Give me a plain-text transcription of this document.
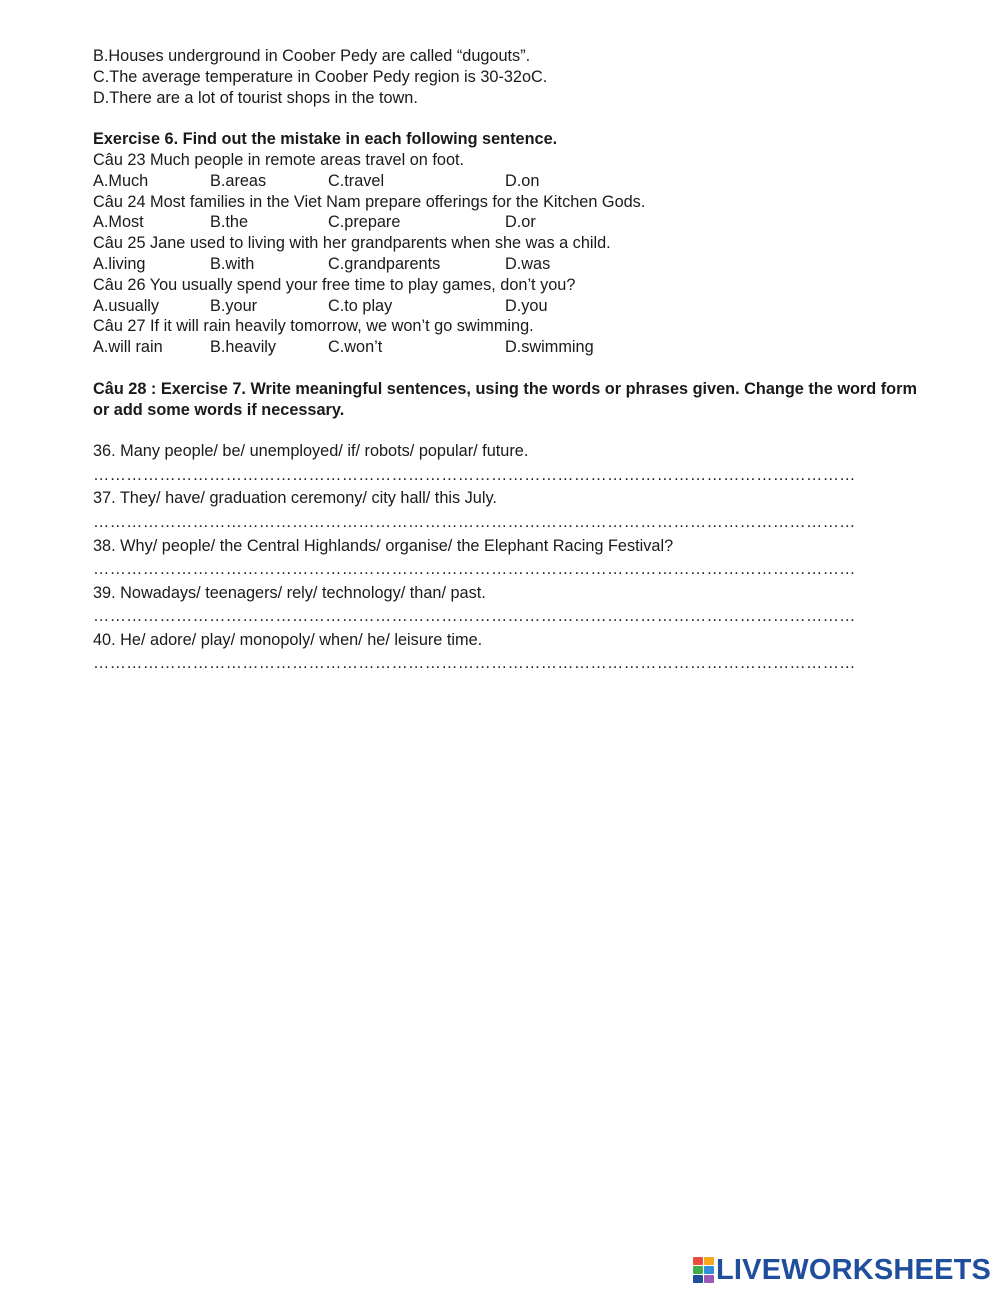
B.Houses underground in Coober Pedy are called “dugouts”.
C.The average temperature in Coober Pedy region is 30-32oC.
D.There are a lot of tourist shops in the town.
Exercise 6. Find out the mistake in each following sentence.
Câu 23 Much people in remote areas travel on foot.
A.Much	B.areas	C.travel	D.on
Câu 24 Most families in the Viet Nam prepare offerings for the Kitchen Gods.
A.Most	B.the	C.prepare	D.or
Câu 25 Jane used to living with her grandparents when she was a child.
A.living	B.with	C.grandparents	D.was
Câu 26 You usually spend your free time to play games, don’t you?
A.usually	B.your	C.to play	D.you
Câu 27 If it will rain heavily tomorrow, we won’t go swimming.
A.will rain	B.heavily	C.won’t	D.swimming
Câu 28 : Exercise 7. Write meaningful sentences, using the words or phrases given. Change the word form or add some words if necessary.
36. Many people/ be/ unemployed/ if/ robots/ popular/ future.
…………………………………………………………………………………………………………………………
37. They/ have/ graduation ceremony/ city hall/ this July.
…………………………………………………………………………………………………………………………
38. Why/ people/ the Central Highlands/ organise/ the Elephant Racing Festival?
…………………………………………………………………………………………………………………………
39. Nowadays/ teenagers/ rely/ technology/ than/ past.
…………………………………………………………………………………………………………………………
40. He/ adore/ play/ monopoly/ when/ he/ leisure time.
…………………………………………………………………………………………………………………………
LIVEWORKSHEETS
